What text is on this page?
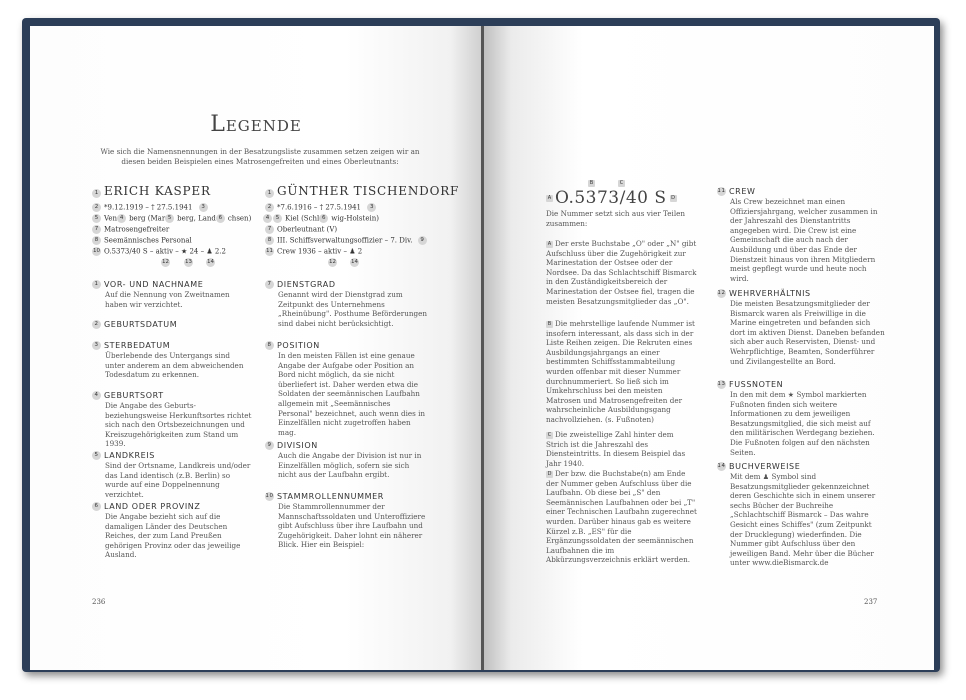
Legende
Wie sich die Namensnennungen in der Besatzungsliste zusammen setzen zeigen wir an diesen beiden Beispielen eines Matrosengefreiten und eines Oberleutnants:
1 ERICH KASPER
2 *9.12.1919 – † 27.5.1941 3
5 Ven 4 berg (Mar 5 berg, Land 6 chsen)
7 Matrosengefreiter
8 Seemännisches Personal
10 O.5373/40 S – aktiv – ★ 24 – ♟ 2.2
12	13	14
1 GÜNTHER TISCHENDORF
2 *7.6.1916 – † 27.5.1941 3
4 5 Kiel (Schl 6 wig-Holstein)
7 Oberleutnant (V)
8 III. Schiffsverwaltungsoffizier – 7. Div. 9
11 Crew 1936 – aktiv – ♟ 2
12	14
1 VOR- UND NACHNAME
Auf die Nennung von Zweitnamen haben wir verzichtet.
2 GEBURTSDATUM
3 STERBEDATUM
Überlebende des Untergangs sind unter anderem an dem abweichenden Todesdatum zu erkennen.
4 GEBURTSORT
Die Angabe des Geburts- beziehungsweise Herkunftsortes richtet sich nach den Ortsbezeichnungen und Kreiszugehörigkeiten zum Stand um 1939.
5 LANDKREIS
Sind der Ortsname, Landkreis und/oder das Land identisch (z.B. Berlin) so wurde auf eine Doppelnennung verzichtet.
6 LAND ODER PROVINZ
Die Angabe bezieht sich auf die damaligen Länder des Deutschen Reiches, der zum Land Preußen gehörigen Provinz oder das jeweilige Ausland.
7 DIENSTGRAD
Genannt wird der Dienstgrad zum Zeitpunkt des Unternehmens „Rheinübung". Posthume Beförderungen sind dabei nicht berücksichtigt.
8 POSITION
In den meisten Fällen ist eine genaue Angabe der Aufgabe oder Position an Bord nicht möglich, da sie nicht überliefert ist. Daher werden etwa die Soldaten der seemännischen Laufbahn allgemein mit „Seemännisches Personal" bezeichnet, auch wenn dies in Einzelfällen nicht zugetroffen haben mag.
9 DIVISION
Auch die Angabe der Division ist nur in Einzelfällen möglich, sofern sie sich nicht aus der Laufbahn ergibt.
10 STAMMROLLENNUMMER
Die Stammrollennummer der Mannschaftssoldaten und Unteroffiziere gibt Aufschluss über ihre Laufbahn und Zugehörigkeit. Daher lohnt ein näherer Blick. Hier ein Beispiel:
236
B	C
A O.5373/40 S D
Die Nummer setzt sich aus vier Teilen zusammen:
A Der erste Buchstabe „O" oder „N" gibt Aufschluss über die Zugehörigkeit zur Marinestation der Ostsee oder der Nordsee. Da das Schlachtschiff Bismarck in den Zuständigkeitsbereich der Marinestation der Ostsee fiel, tragen die meisten Besatzungsmitglieder das „O".
B Die mehrstellige laufende Nummer ist insofern interessant, als dass sich in der Liste Reihen zeigen. Die Rekruten eines Ausbildungsjahrgangs an einer bestimmten Schiffsstammabteilung wurden offenbar mit dieser Nummer durchnummeriert. So ließ sich im Umkehrschluss bei den meisten Matrosen und Matrosengefreiten der wahrscheinliche Ausbildungsgang nachvollziehen. (s. Fußnoten)
C Die zweistellige Zahl hinter dem Strich ist die Jahreszahl des Diensteintritts. In diesem Beispiel das Jahr 1940.
D Der bzw. die Buchstabe(n) am Ende der Nummer geben Aufschluss über die Laufbahn. Ob diese bei „S" den Seemännischen Laufbahnen oder bei „T" einer Technischen Laufbahn zugerechnet wurden. Darüber hinaus gab es weitere Kürzel z.B. „ES" für die Ergänzungssoldaten der seemännischen Laufbahnen die im Abkürzungsverzeichnis erklärt werden.
11 CREW
Als Crew bezeichnet man einen Offiziersjahrgang, welcher zusammen in der Jahreszahl des Dienstantritts angegeben wird. Die Crew ist eine Gemeinschaft die auch nach der Ausbildung und über das Ende der Dienstzeit hinaus von ihren Mitgliedern meist gepflegt wurde und heute noch wird.
12 WEHRVERHÄLTNIS
Die meisten Besatzungsmitglieder der Bismarck waren als Freiwillige in die Marine eingetreten und befanden sich dort im aktiven Dienst. Daneben befanden sich aber auch Reservisten, Dienst- und Wehrpflichtige, Beamten, Sonderführer und Zivilangestellte an Bord.
13 FUSSNOTEN
In den mit dem ★ Symbol markierten Fußnoten finden sich weitere Informationen zu dem jeweiligen Besatzungsmitglied, die sich meist auf den militärischen Werdegang beziehen. Die Fußnoten folgen auf den nächsten Seiten.
14 BUCHVERWEISE
Mit dem ♟ Symbol sind Besatzungsmitglieder gekennzeichnet deren Geschichte sich in einem unserer sechs Bücher der Buchreihe „Schlachtschiff Bismarck – Das wahre Gesicht eines Schiffes" (zum Zeitpunkt der Drucklegung) wiederfinden. Die Nummer gibt Aufschluss über den jeweiligen Band. Mehr über die Bücher unter www.dieBismarck.de
237
